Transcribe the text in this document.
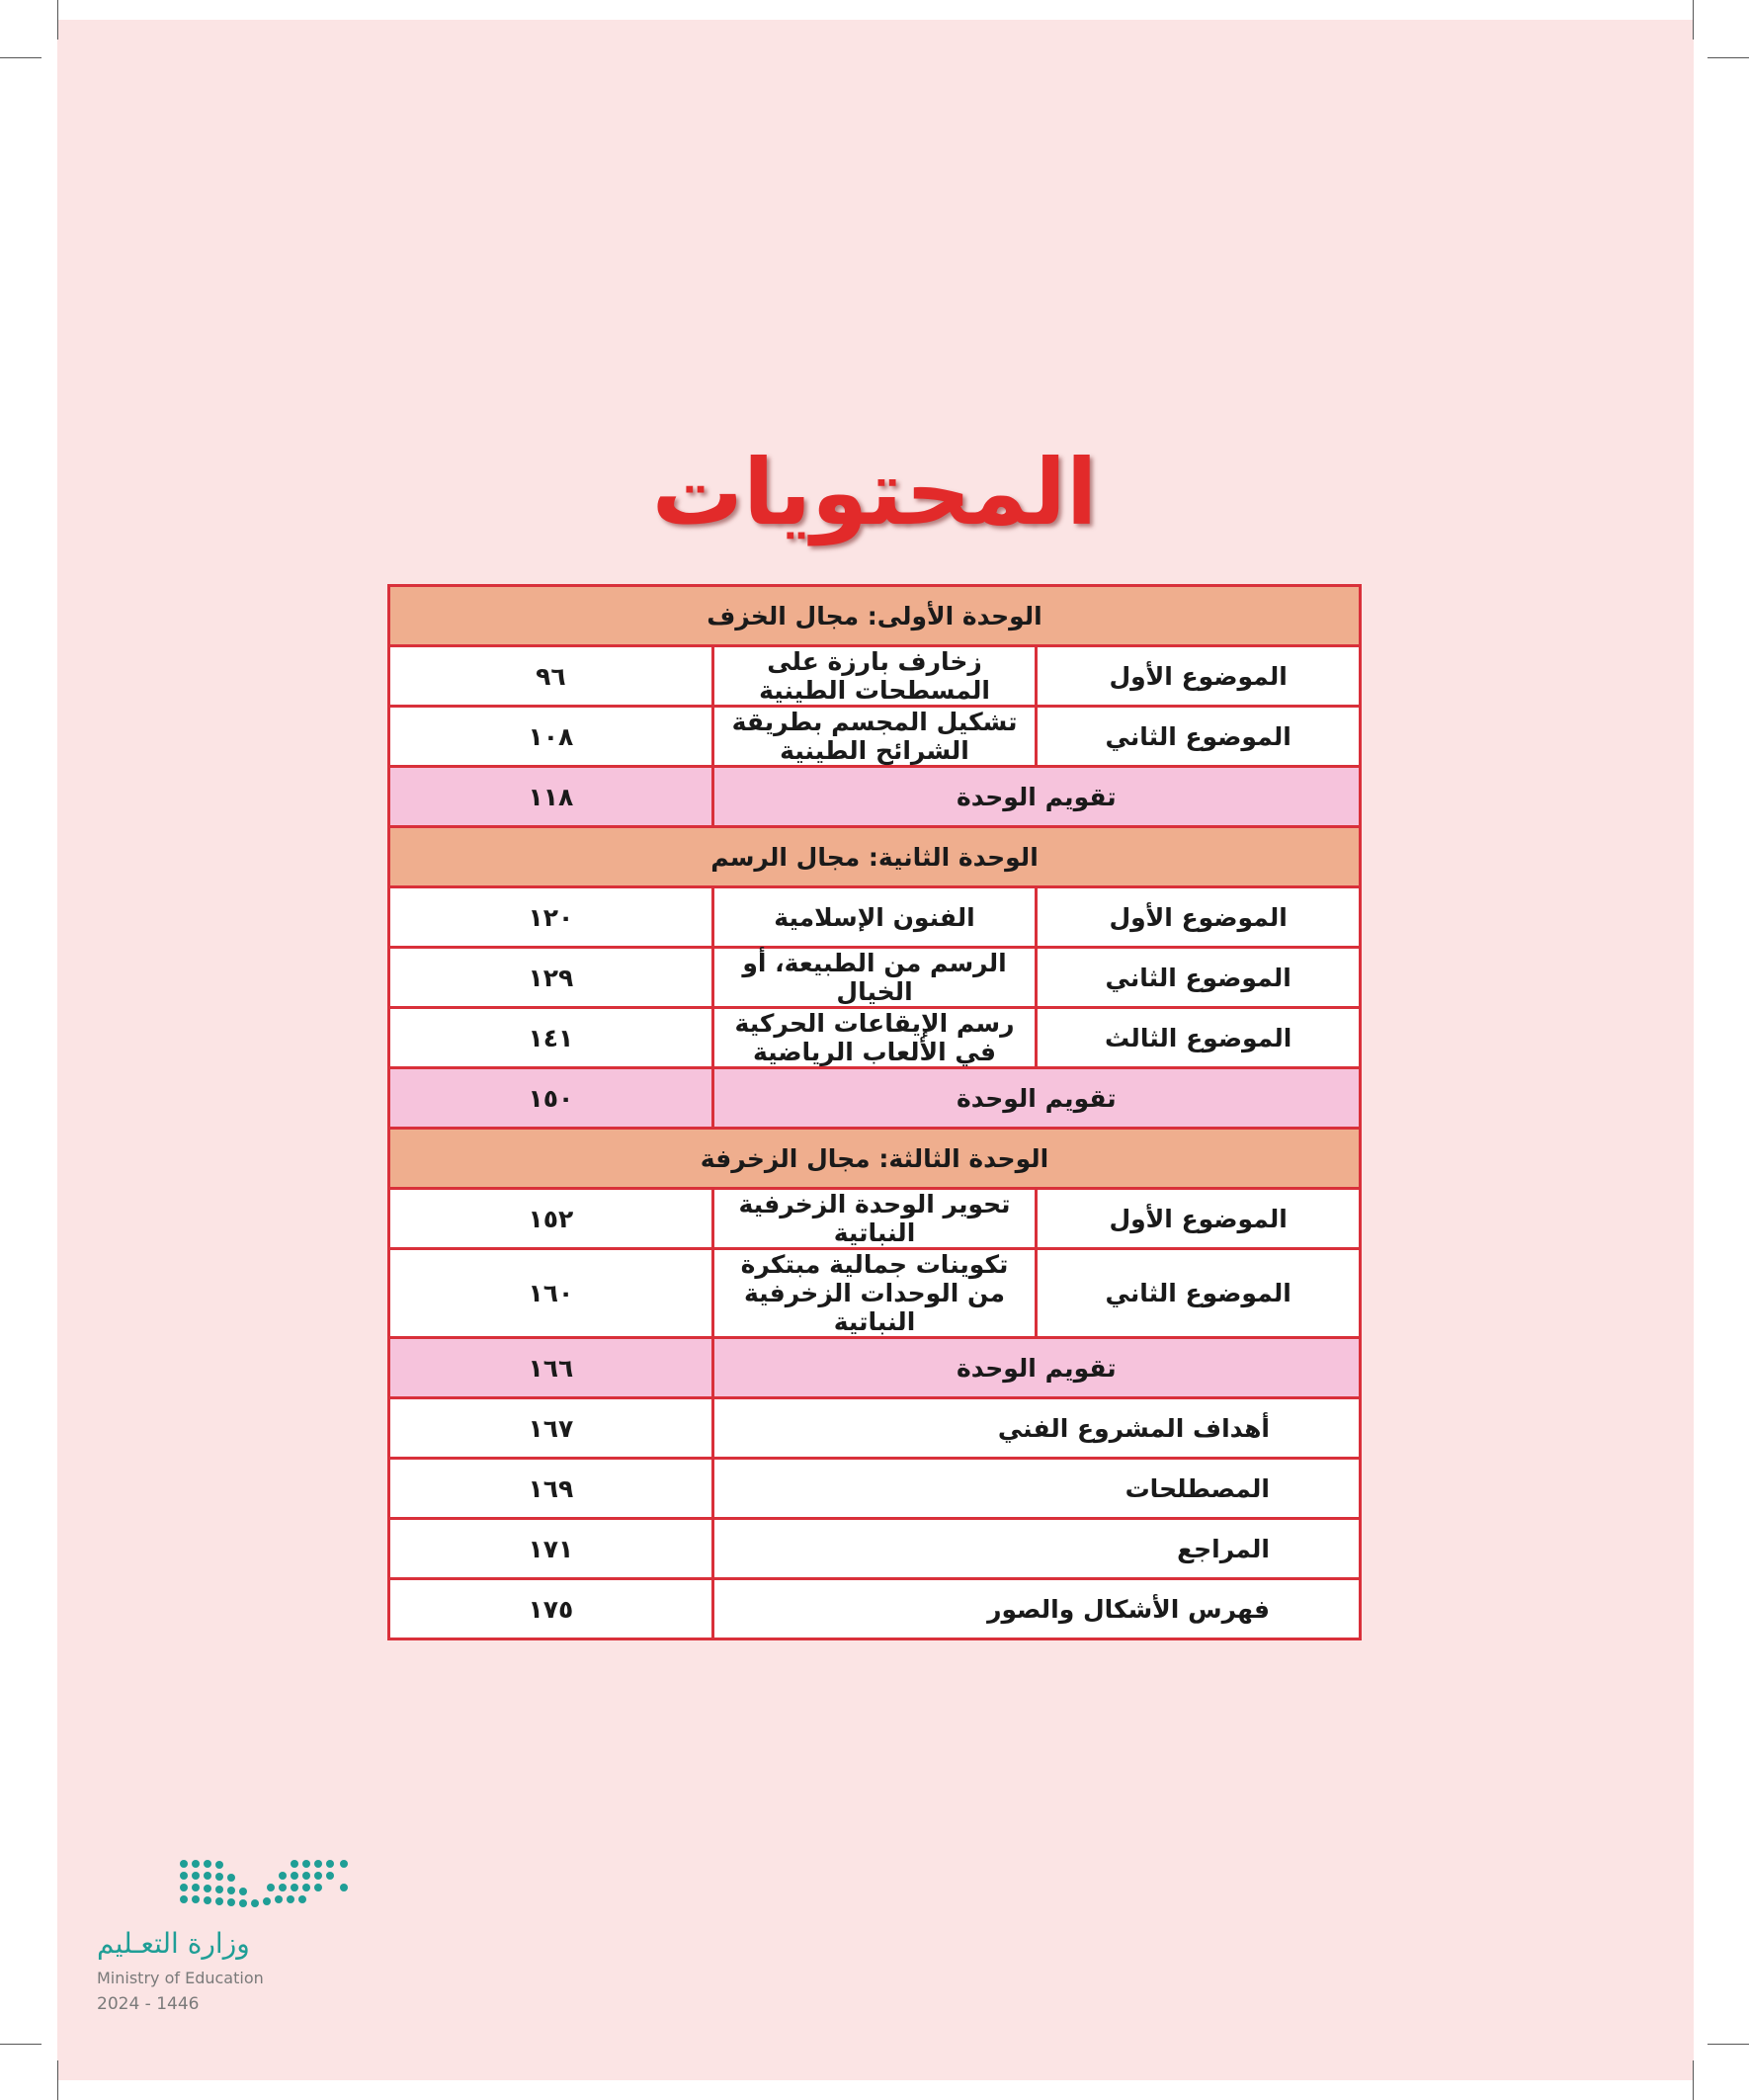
المحتويات
الوحدة الأولى: مجال الخزف		
الموضوع الأول	زخارف بارزة على المسطحات الطينية	٩٦
الموضوع الثاني	تشكيل المجسم بطريقة الشرائح الطينية	١٠٨
تقويم الوحدة		١١٨
الوحدة الثانية: مجال الرسم		
الموضوع الأول	الفنون الإسلامية	١٢٠
الموضوع الثاني	الرسم من الطبيعة، أو الخيال	١٢٩
الموضوع الثالث	رسم الإيقاعات الحركية في الألعاب الرياضية	١٤١
تقويم الوحدة		١٥٠
الوحدة الثالثة: مجال الزخرفة		
الموضوع الأول	تحوير الوحدة الزخرفية النباتية	١٥٢
الموضوع الثاني	تكوينات جمالية مبتكرة من الوحدات الزخرفية النباتية	١٦٠
تقويم الوحدة		١٦٦
أهداف المشروع الفني		١٦٧
المصطلحات		١٦٩
المراجع		١٧١
فهرس الأشكال والصور		١٧٥
وزارة التعـليم
Ministry of Education
2024 - 1446
